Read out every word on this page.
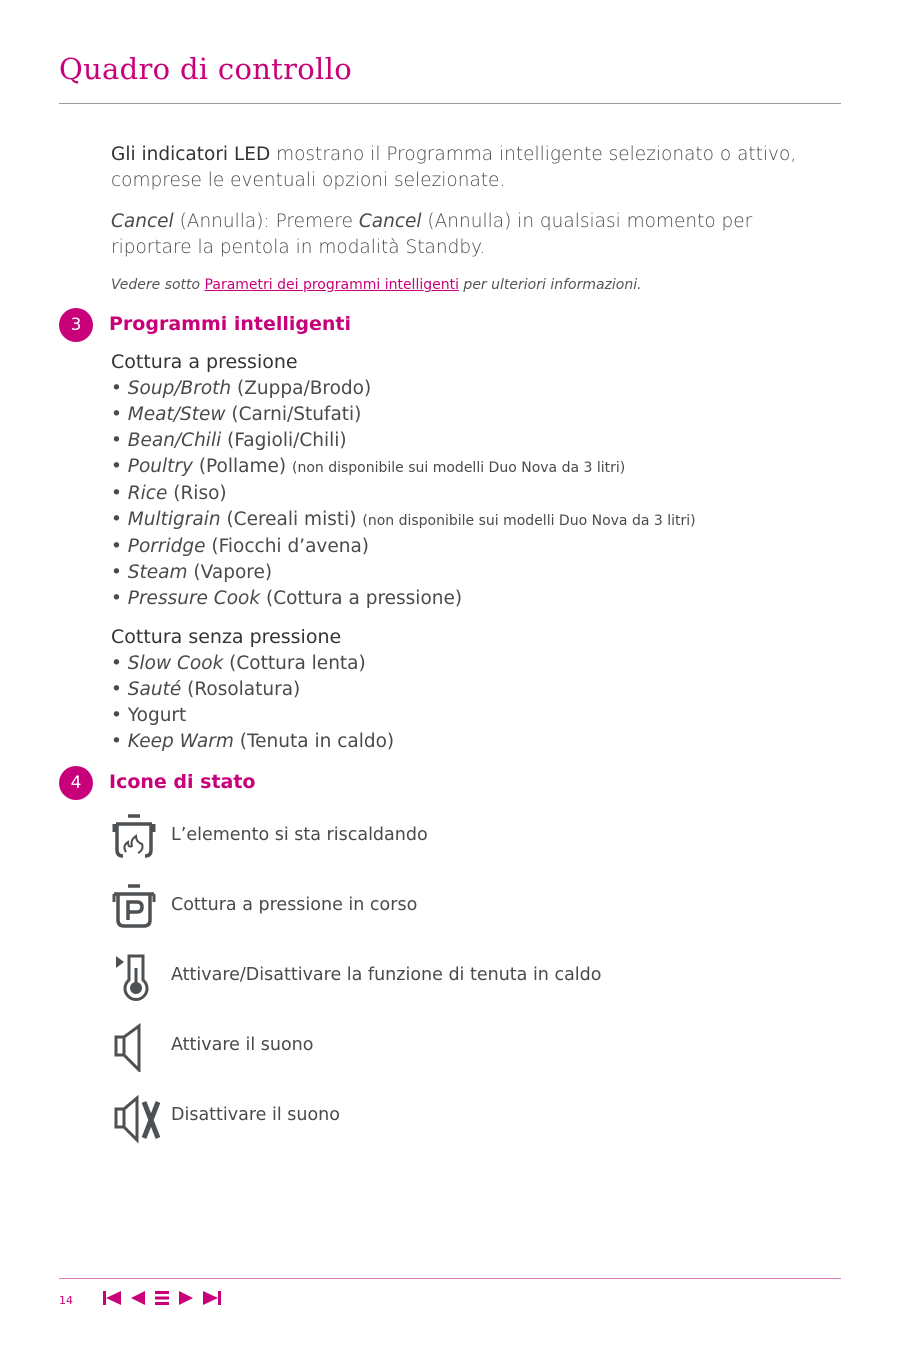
Quadro di controllo
Gli indicatori LED mostrano il Programma intelligente selezionato o attivo, comprese le eventuali opzioni selezionate.
Cancel (Annulla): Premere Cancel (Annulla) in qualsiasi momento per riportare la pentola in modalità Standby.
Vedere sotto Parametri dei programmi intelligenti per ulteriori informazioni.
3	Programmi intelligenti
Cottura a pressione
• Soup/Broth (Zuppa/Brodo)
• Meat/Stew (Carni/Stufati)
• Bean/Chili (Fagioli/Chili)
• Poultry (Pollame) (non disponibile sui modelli Duo Nova da 3 litri)
• Rice (Riso)
• Multigrain (Cereali misti) (non disponibile sui modelli Duo Nova da 3 litri)
• Porridge (Fiocchi d’avena)
• Steam (Vapore)
• Pressure Cook (Cottura a pressione)
Cottura senza pressione
• Slow Cook (Cottura lenta)
• Sauté (Rosolatura)
• Yogurt
• Keep Warm (Tenuta in caldo)
4	Icone di stato
L’elemento si sta riscaldando
Cottura a pressione in corso
Attivare/Disattivare la funzione di tenuta in caldo
Attivare il suono
Disattivare il suono
14
